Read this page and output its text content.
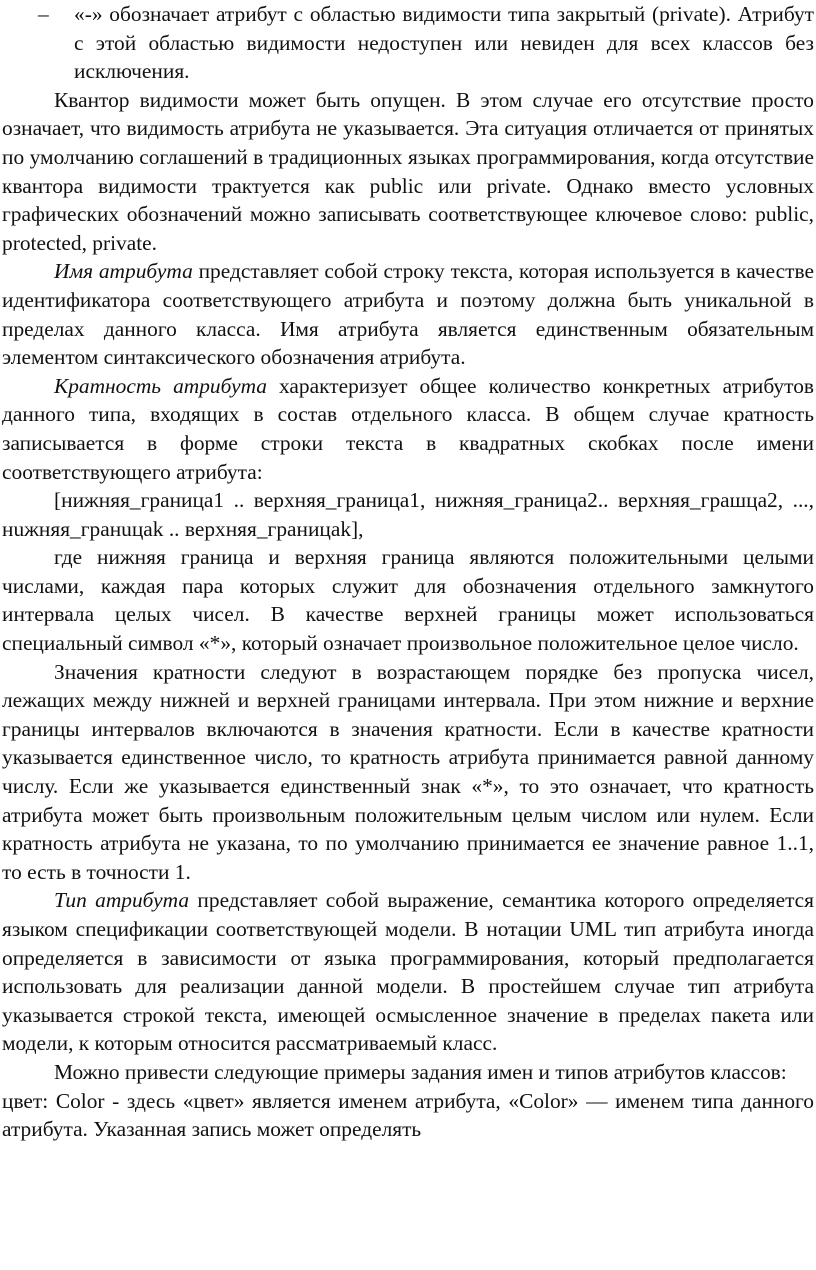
–	«-» обозначает атрибут с областью видимости типа закрытый (private). Атрибут с этой областью видимости недоступен или невиден для всех классов без исключения.

Квантор видимости может быть опущен. В этом случае его отсутствие просто означает, что видимость атрибута не указывается. Эта ситуация отличается от принятых по умолчанию соглашений в традиционных языках программирования, когда отсутствие квантора видимости трактуется как public или private. Однако вместо условных графических обозначений можно записывать соответствующее ключевое слово: public, protected, private.

Имя атрибута представляет собой строку текста, которая используется в качестве идентификатора соответствующего атрибута и поэтому должна быть уникальной в пределах данного класса. Имя атрибута является единственным обязательным элементом синтаксического обозначения атрибута.

Кратность атрибута характеризует общее количество конкретных атрибутов данного типа, входящих в состав отдельного класса. В общем случае кратность записывается в форме строки текста в квадратных скобках после имени соответствующего атрибута:

[нижняя_граница1 .. верхняя_граница1, нижняя_граница2.. верхняя_грашца2, ..., нuжняя_гранuцаk .. верхняя_границаk],

где нижняя граница и верхняя граница являются положительными целыми числами, каждая пара которых служит для обозначения отдельного замкнутого интервала целых чисел. В качестве верхней границы может использоваться специальный символ «*», который означает произвольное положительное целое число.

Значения кратности следуют в возрастающем порядке без пропуска чисел, лежащих между нижней и верхней границами интервала. При этом нижние и верхние границы интервалов включаются в значения кратности. Если в качестве кратности указывается единственное число, то кратность атрибута принимается равной данному числу. Если же указывается единственный знак «*», то это означает, что кратность атрибута может быть произвольным положительным целым числом или нулем. Если кратность атрибута не указана, то по умолчанию принимается ее значение равное 1..1, то есть в точности 1.

Тип атрибута представляет собой выражение, семантика которого определяется языком спецификации соответствующей модели. В нотации UML тип атрибута иногда определяется в зависимости от языка программирования, который предполагается использовать для реализации данной модели. В простейшем случае тип атрибута указывается строкой текста, имеющей осмысленное значение в пределах пакета или модели, к которым относится рассматриваемый класс.

Можно привести следующие примеры задания имен и типов атрибутов классов:

цвет: Color - здесь «цвет» является именем атрибута, «Color» — именем типа данного атрибута. Указанная запись может определять
